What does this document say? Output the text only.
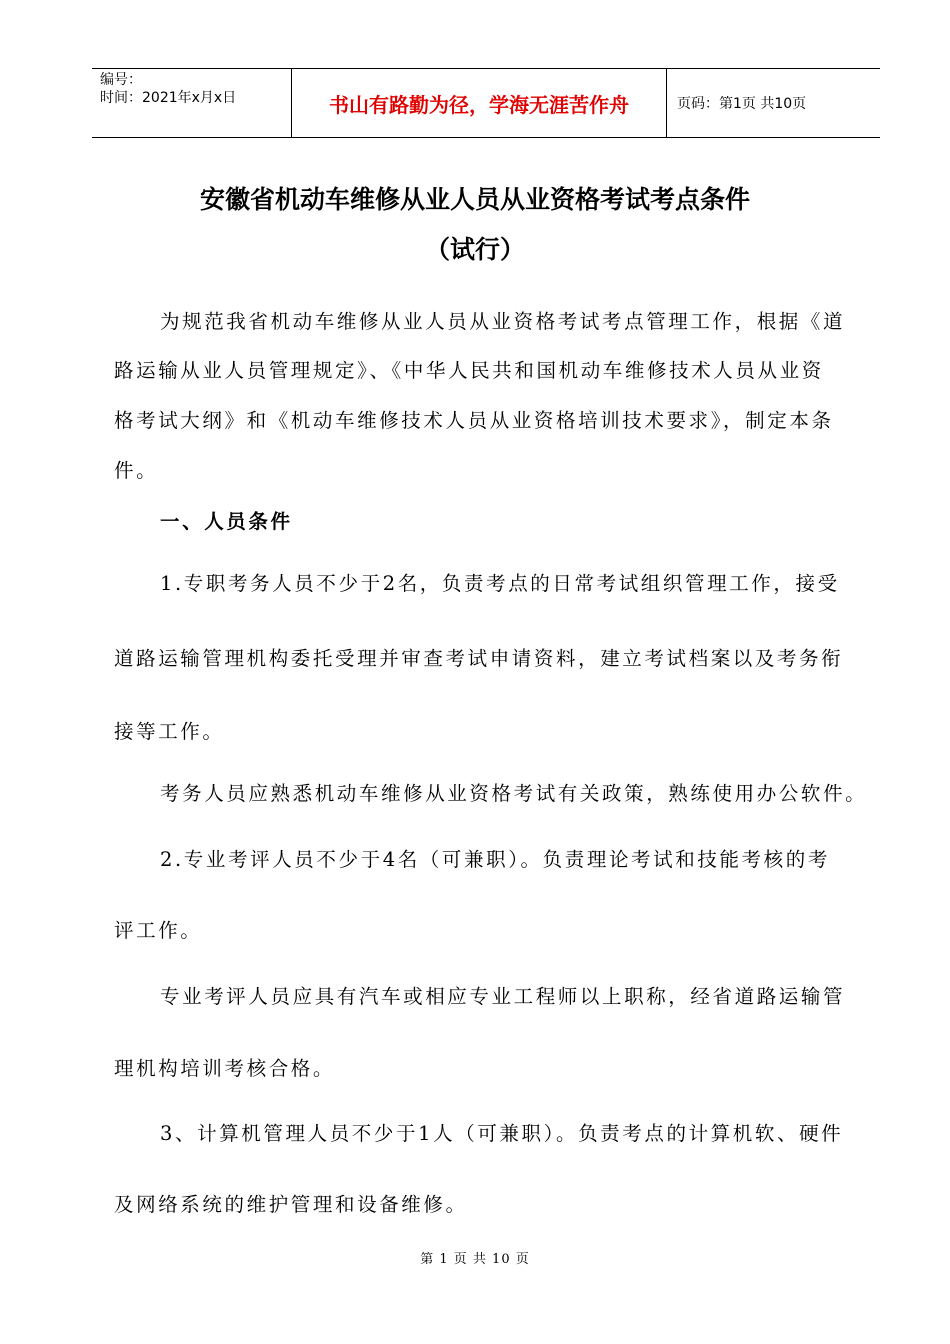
编号：
时间：2021年x月x日	书山有路勤为径，学海无涯苦作舟	页码：第1页 共10页
安徽省机动车维修从业人员从业资格考试考点条件
（试行）
为规范我省机动车维修从业人员从业资格考试考点管理工作，根据《道
路运输从业人员管理规定》、《中华人民共和国机动车维修技术人员从业资
格考试大纲》和《机动车维修技术人员从业资格培训技术要求》，制定本条
件。
一、人员条件
1.专职考务人员不少于2名，负责考点的日常考试组织管理工作，接受
道路运输管理机构委托受理并审查考试申请资料，建立考试档案以及考务衔
接等工作。
考务人员应熟悉机动车维修从业资格考试有关政策，熟练使用办公软件。
2.专业考评人员不少于4名（可兼职）。负责理论考试和技能考核的考
评工作。
专业考评人员应具有汽车或相应专业工程师以上职称，经省道路运输管
理机构培训考核合格。
3、计算机管理人员不少于1人（可兼职）。负责考点的计算机软、硬件
及网络系统的维护管理和设备维修。
第 1 页 共 10 页
